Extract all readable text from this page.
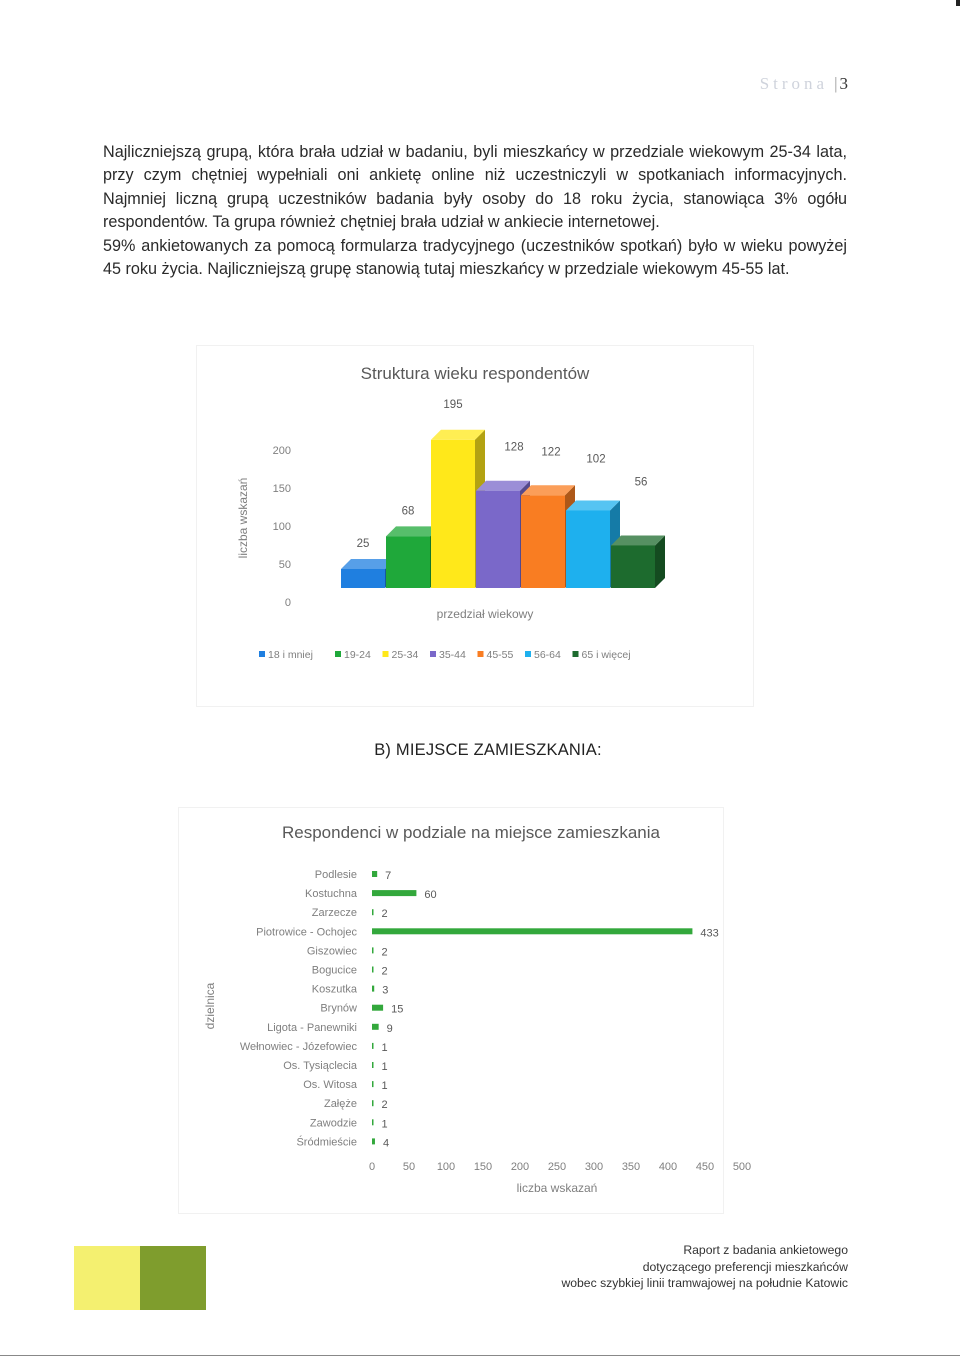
Strona | 3

Najliczniejszą grupą, która brała udział w badaniu, byli mieszkańcy w przedziale wiekowym 25-34 lata, przy czym chętniej wypełniali oni ankietę online niż uczestniczyli w spotkaniach informacyjnych. Najmniej liczną grupą uczestników badania były osoby do 18 roku życia, stanowiąca 3% ogółu respondentów. Ta grupa również chętniej brała udział w ankiecie internetowej.

59% ankietowanych za pomocą formularza tradycyjnego (uczestników spotkań) było w wieku powyżej 45 roku życia. Najliczniejszą grupę stanowią tutaj mieszkańcy w przedziale wiekowym 45-55 lat.

Struktura wieku respondentów
0
50
100
150
200
liczba wskazań
przedział wiekowy
25
68
195
128 122
102
56
18 i mniej	19-24 25-34 35-44 45-55 56-64 65 i więcej
B) MIEJSCE ZAMIESZKANIA:
Respondenci w podziale na miejsce zamieszkania
Podlesie	7
Kostuchna	60
Zarzecze 2
Piotrowice - Ochojec	433
Giszowiec 2
Bogucice 2
Koszutka 3
Brynów	15
Ligota - Panewniki	9
Wełnowiec - Józefowiec 1
Os. Tysiąclecia 1
Os. Witosa 1
Załęże 2
Zawodzie 1
Śródmieście 4
0	50 100 150 200 250 300 350 400 450 500
liczba wskazań
dzielnica
Raport z badania ankietowego
dotyczącego preferencji mieszkańców
wobec szybkiej linii tramwajowej na południe Katowic
